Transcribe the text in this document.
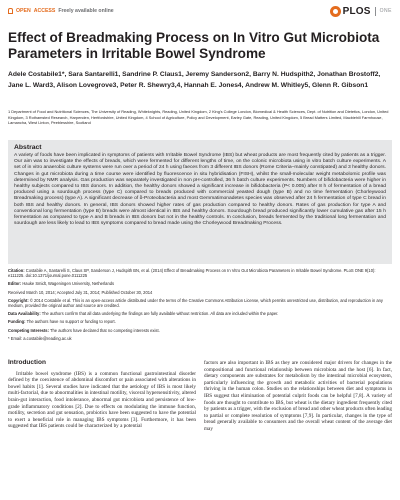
OPEN ACCESS Freely available online	PLOS ONE
Effect of Breadmaking Process on In Vitro Gut Microbiota Parameters in Irritable Bowel Syndrome

Adele Costabile1*, Sara Santarelli1, Sandrine P. Claus1, Jeremy Sanderson2, Barry N. Hudspith2, Jonathan Brostoff2, Jane L. Ward3, Alison Lovegrove3, Peter R. Shewry3,4, Hannah E. Jones4, Andrew M. Whitley5, Glenn R. Gibson1

1 Department of Food and Nutritional Sciences, The University of Reading, Whiteknights, Reading, United Kingdom, 2 King's College London, Biomedical & Health Sciences, Dept. of Nutrition and Dietetics, London, United Kingdom, 3 Rothamsted Research, Harpenden, Hertfordshire, United Kingdom, 4 School of Agriculture, Policy and Development, Earley Gate, Reading, United Kingdom, 5 Bread Matters Limited, Macbiehill Farmhouse, Lamancha, West Linton, Peeblesshire, Scotland

Abstract

A variety of foods have been implicated in symptoms of patients with Irritable Bowel Syndrome (IBS) but wheat products are most frequently cited by patients as a trigger. Our aim was to investigate the effects of breads, which were fermented for different lengths of time, on the colonic microbiota using in vitro batch culture experiments. A set of in vitro anaerobic culture systems were run over a period of 24 h using faeces from 3 different IBS donors (Rome Criteria–mainly constipated) and 3 healthy donors. Changes in gut microbiota during a time course were identified by fluorescence in situ hybridisation (FISH), whilst the small-molecular weight metabolomic profile was determined by NMR analysis. Gas production was separately investigated in non pH-controlled, 36 h batch culture experiments. Numbers of bifidobacteria were higher in healthy subjects compared to IBS donors. In addition, the healthy donors showed a significant increase in bifidobacteria (P< 0.005) after 8 h of fermentation of a bread produced using a sourdough process (type C) compared to breads produced with commercial yeasted dough (type B) and no time fermentation (Chorleywood Breadmaking process) (type A). A significant decrease of δ-Proteobacteria and most Gemmatimonadetes species was observed after 24 h fermentation of type C bread in both IBS and healthy donors. In general, IBS donors showed higher rates of gas production compared to healthy donors. Rates of gas production for type A and conventional long fermentation (type B) breads were almost identical in IBS and healthy donors. Sourdough bread produced significantly lower cumulative gas after 15 h fermentation as compared to type A and B breads in IBS donors but not in the healthy controls. In conclusion, breads fermented by the traditional long fermentation and sourdough are less likely to lead to IBS symptoms compared to bread made using the Chorleywood Breadmaking Process.

Citation: Costabile A, Santarelli S, Claus SP, Sanderson J, Hudspith BN, et al. (2014) Effect of Breadmaking Process on In Vitro Gut Microbiota Parameters in Irritable Bowel Syndrome. PLoS ONE 9(10): e111225. doi:10.1371/journal.pone.0111225

Editor: Hauke Smidt, Wageningen University, Netherlands

Received March 10, 2014; Accepted July 31, 2014; Published October 30, 2014

Copyright: © 2014 Costabile et al. This is an open-access article distributed under the terms of the Creative Commons Attribution License, which permits unrestricted use, distribution, and reproduction in any medium, provided the original author and source are credited.

Data Availability: The authors confirm that all data underlying the findings are fully available without restriction. All data are included within the paper.

Funding: The authors have no support or funding to report.

Competing Interests: The authors have declared that no competing interests exist.

* Email: a.costabile@reading.ac.uk

Introduction

Irritable bowel syndrome (IBS) is a common functional gastrointestinal disorder defined by the coexistence of abdominal discomfort or pain associated with alterations in bowel habits [1]. Several studies have indicated that the aetiology of IBS is most likely multi-factorial, due to abnormalities in intestinal motility, visceral hypersensitivity, altered brain-gut interaction, food intolerance, abnormal gut microbiota and persistence of low-grade inflammatory conditions [2]. Due to effects on modulating the immune function, motility, secretion and gut sensation, probiotics have been suggested to have the potential to exert a beneficial role in managing IBS symptoms [3]. Furthermore, it has been suggested that IBS patients could be characterized by a potential

factors are also important in IBS as they are considered major drivers for changes in the compositional and functional relationship between microbiota and the host [6]. In fact, dietary components are substrates for metabolism by the intestinal microbial ecosystem, particularly influencing the growth and metabolic activities of bacterial populations thriving in the human colon. Studies on the relationships between diet and symptoms in IBS suggest that elimination of potential culprit foods can be helpful [7,8]. A variety of foods are thought to contribute to IBS, but wheat is the dietary ingredient frequently cited by patients as a trigger, with the exclusion of bread and other wheat products often leading to partial or complete resolution of symptoms [7,9]. In particular, changes in the type of bread generally available to consumers and the overall wheat content of the average diet may
